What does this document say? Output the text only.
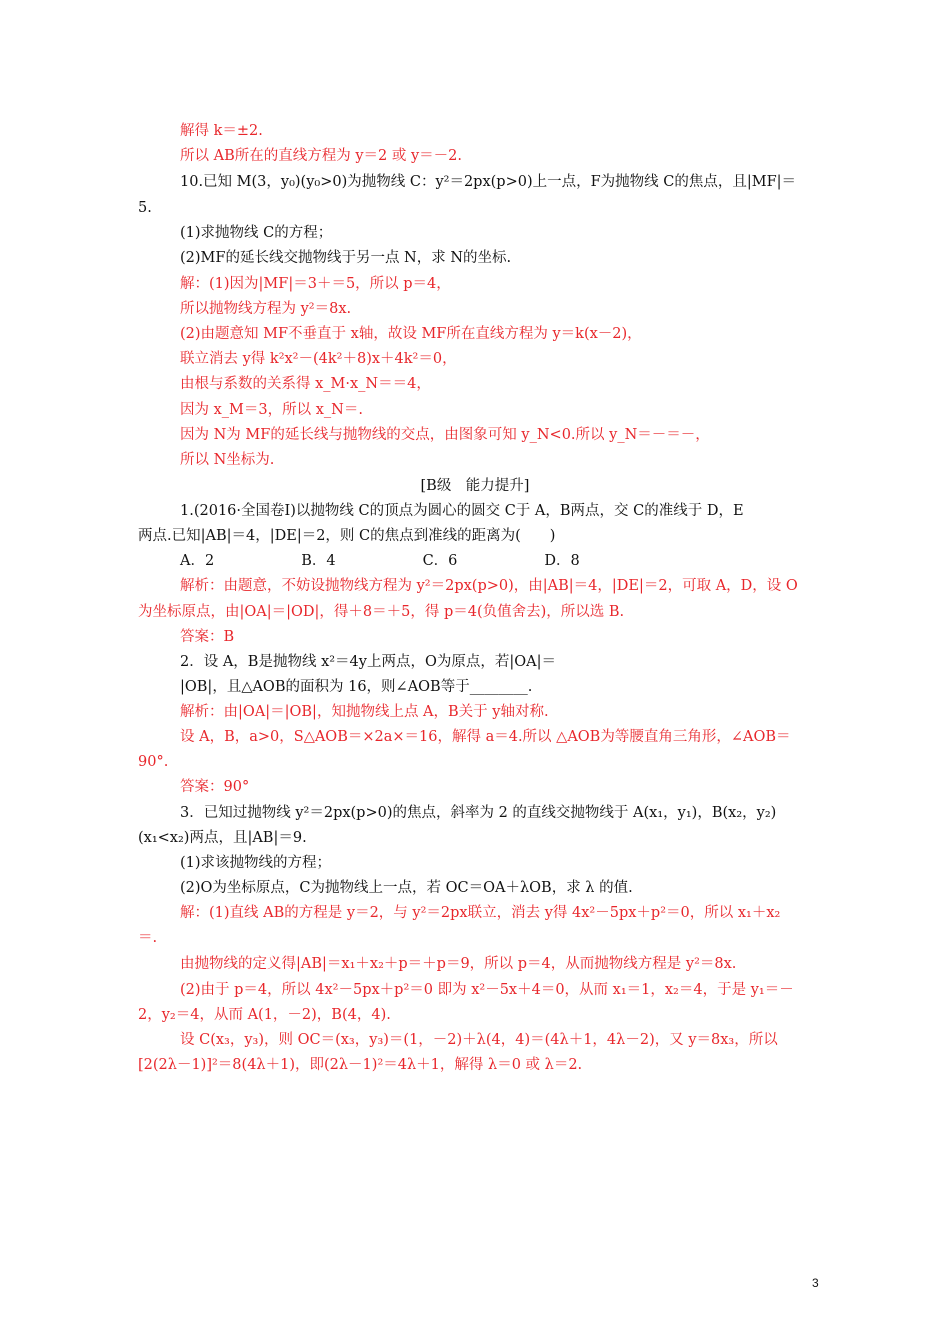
解得 k＝±2.
所以 AB所在的直线方程为 y＝2 或 y＝－2.
10.已知 M(3，y₀)(y₀>0)为抛物线 C：y²＝2px(p>0)上一点，F为抛物线 C的焦点，且|MF|＝
5.
(1)求抛物线 C的方程；
(2)MF的延长线交抛物线于另一点 N，求 N的坐标.
解：(1)因为|MF|＝3＋＝5，所以 p＝4，
所以抛物线方程为 y²＝8x.
(2)由题意知 MF不垂直于 x轴，故设 MF所在直线方程为 y＝k(x－2)，
联立消去 y得 k²x²－(4k²＋8)x＋4k²＝0，
由根与系数的关系得 x_M·x_N＝＝4，
因为 x_M＝3，所以 x_N＝.
因为 N为 MF的延长线与抛物线的交点，由图象可知 y_N<0.所以 y_N＝－＝－，
所以 N坐标为.
[B级　能力提升]
1.(2016·全国卷Ⅰ)以抛物线 C的顶点为圆心的圆交 C于 A，B两点，交 C的准线于 D，E
两点.已知|AB|＝4，|DE|＝2，则 C的焦点到准线的距离为(　　)
A．2　　　　　　B．4　　　　　　C．6　　　　　　D．8
解析：由题意，不妨设抛物线方程为 y²＝2px(p>0)，由|AB|＝4，|DE|＝2，可取 A，D，设 O
为坐标原点，由|OA|＝|OD|，得＋8＝＋5，得 p＝4(负值舍去)，所以选 B.
答案：B
2．设 A，B是抛物线 x²＝4y上两点，O为原点，若|OA|＝
|OB|，且△AOB的面积为 16，则∠AOB等于________.
解析：由|OA|＝|OB|，知抛物线上点 A，B关于 y轴对称.
设 A，B，a>0，S△AOB＝×2a×＝16，解得 a＝4.所以 △AOB为等腰直角三角形，∠AOB＝
90°.
答案：90°
3．已知过抛物线 y²＝2px(p>0)的焦点，斜率为 2 的直线交抛物线于 A(x₁，y₁)，B(x₂，y₂)
(x₁<x₂)两点，且|AB|＝9.
(1)求该抛物线的方程；
(2)O为坐标原点，C为抛物线上一点，若 OC＝OA＋λOB，求 λ 的值.
解：(1)直线 AB的方程是 y＝2，与 y²＝2px联立，消去 y得 4x²－5px＋p²＝0，所以 x₁＋x₂
＝.
由抛物线的定义得|AB|＝x₁＋x₂＋p＝＋p＝9，所以 p＝4，从而抛物线方程是 y²＝8x.
(2)由于 p＝4，所以 4x²－5px＋p²＝0 即为 x²－5x＋4＝0，从而 x₁＝1，x₂＝4，于是 y₁＝－
2，y₂＝4，从而 A(1，－2)，B(4，4).
设 C(x₃，y₃)，则 OC＝(x₃，y₃)＝(1，－2)＋λ(4，4)＝(4λ＋1，4λ－2)，又 y＝8x₃，所以
[2(2λ－1)]²＝8(4λ＋1)，即(2λ－1)²＝4λ＋1，解得 λ＝0 或 λ＝2.
3
